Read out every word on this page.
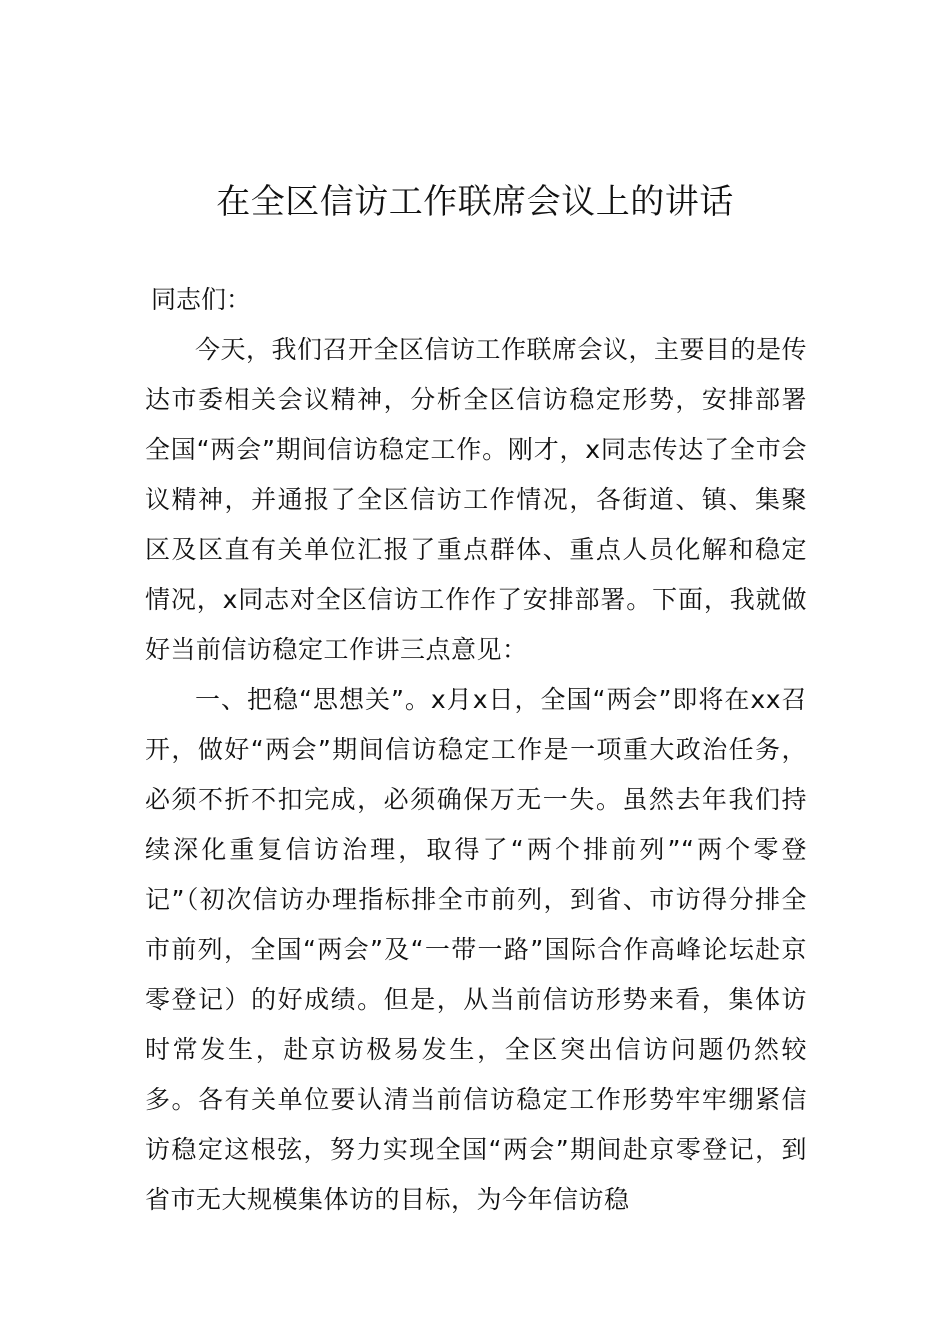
在全区信访工作联席会议上的讲话

同志们：

今天，我们召开全区信访工作联席会议，主要目的是传达市委相关会议精神，分析全区信访稳定形势，安排部署全国“两会”期间信访稳定工作。刚才，x同志传达了全市会议精神，并通报了全区信访工作情况，各街道、镇、集聚区及区直有关单位汇报了重点群体、重点人员化解和稳定情况，x同志对全区信访工作作了安排部署。下面，我就做好当前信访稳定工作讲三点意见：

一、把稳“思想关”。x月x日，全国“两会”即将在xx召开，做好“两会”期间信访稳定工作是一项重大政治任务，必须不折不扣完成，必须确保万无一失。虽然去年我们持续深化重复信访治理，取得了“两个排前列”“两个零登记”（初次信访办理指标排全市前列，到省、市访得分排全市前列，全国“两会”及“一带一路”国际合作高峰论坛赴京零登记）的好成绩。但是，从当前信访形势来看，集体访时常发生，赴京访极易发生，全区突出信访问题仍然较多。各有关单位要认清当前信访稳定工作形势牢牢绷紧信访稳定这根弦，努力实现全国“两会”期间赴京零登记，到省市无大规模集体访的目标，为今年信访稳
